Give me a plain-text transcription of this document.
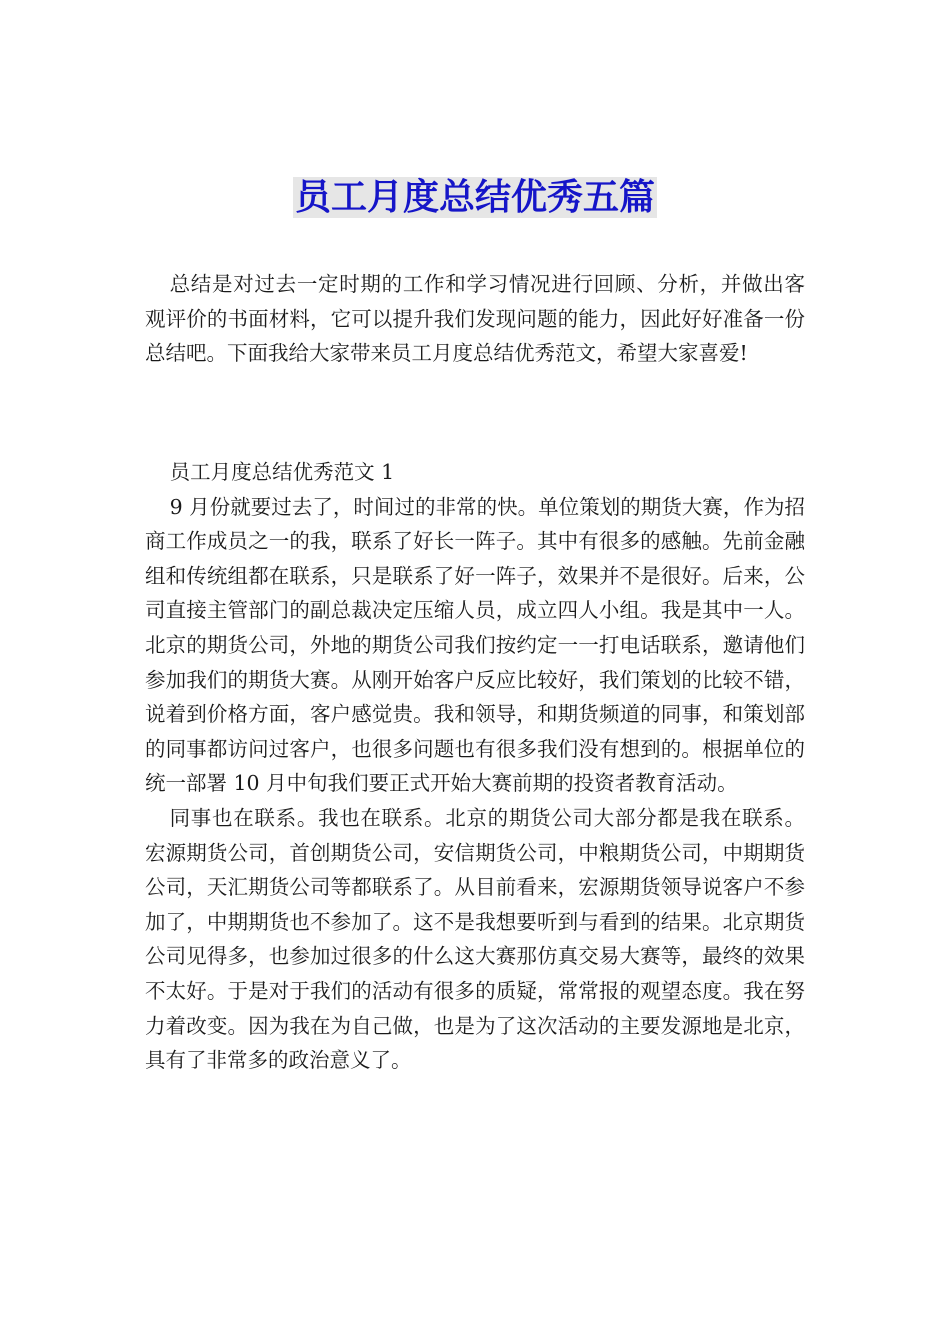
员工月度总结优秀五篇

总结是对过去一定时期的工作和学习情况进行回顾、分析，并做出客观评价的书面材料，它可以提升我们发现问题的能力，因此好好准备一份总结吧。下面我给大家带来员工月度总结优秀范文，希望大家喜爱!

员工月度总结优秀范文 1

9 月份就要过去了，时间过的非常的快。单位策划的期货大赛，作为招商工作成员之一的我，联系了好长一阵子。其中有很多的感触。先前金融组和传统组都在联系，只是联系了好一阵子，效果并不是很好。后来，公司直接主管部门的副总裁决定压缩人员，成立四人小组。我是其中一人。北京的期货公司，外地的期货公司我们按约定一一打电话联系，邀请他们参加我们的期货大赛。从刚开始客户反应比较好，我们策划的比较不错，说着到价格方面，客户感觉贵。我和领导，和期货频道的同事，和策划部的同事都访问过客户，也很多问题也有很多我们没有想到的。根据单位的统一部署 10 月中旬我们要正式开始大赛前期的投资者教育活动。

同事也在联系。我也在联系。北京的期货公司大部分都是我在联系。宏源期货公司，首创期货公司，安信期货公司，中粮期货公司，中期期货公司，天汇期货公司等都联系了。从目前看来，宏源期货领导说客户不参加了，中期期货也不参加了。这不是我想要听到与看到的结果。北京期货公司见得多，也参加过很多的什么这大赛那仿真交易大赛等，最终的效果不太好。于是对于我们的活动有很多的质疑，常常报的观望态度。我在努力着改变。因为我在为自己做，也是为了这次活动的主要发源地是北京，具有了非常多的政治意义了。
